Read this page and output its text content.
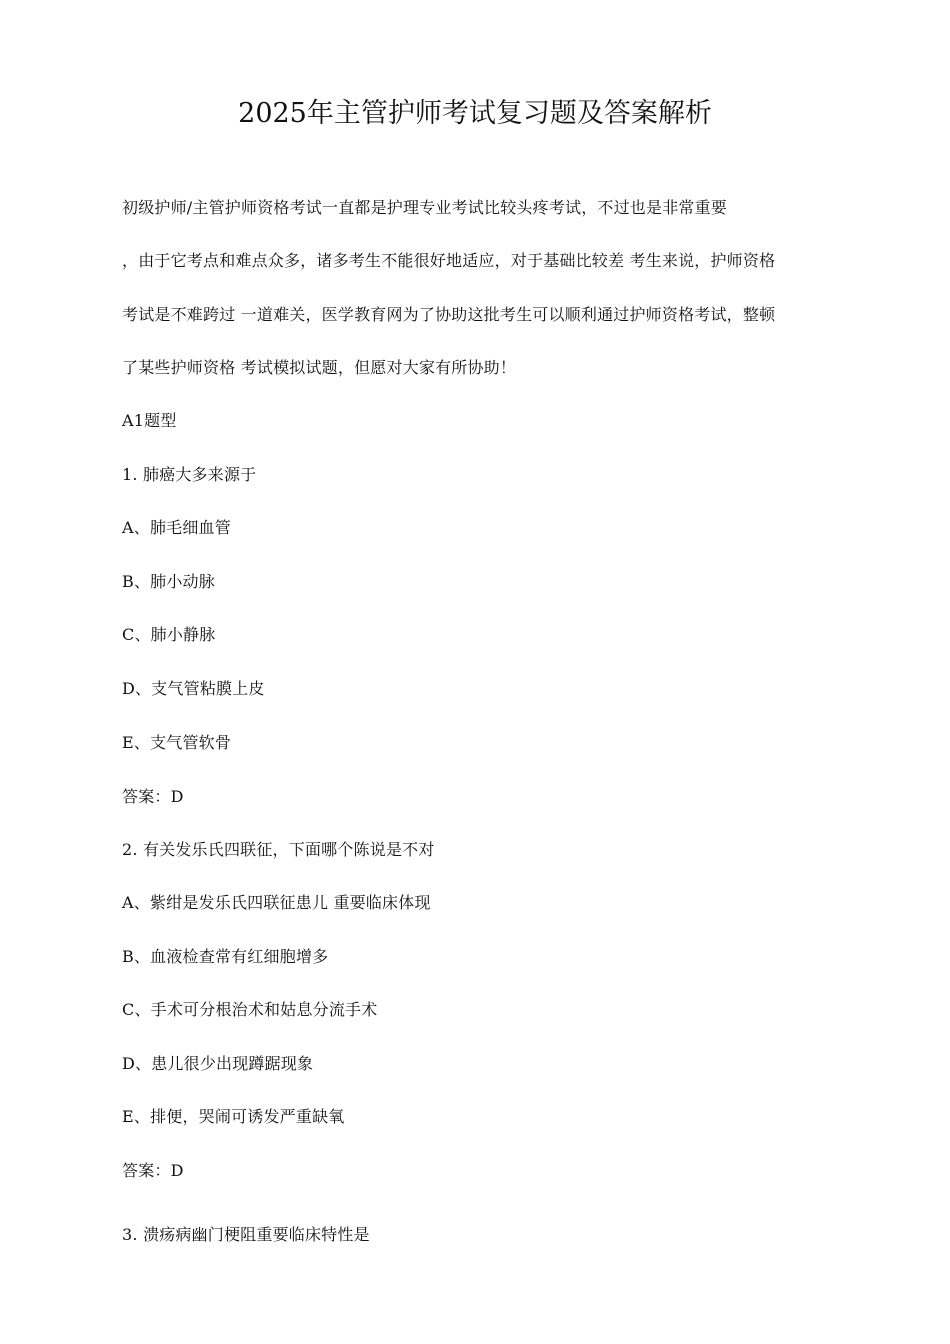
2025年主管护师考试复习题及答案解析
初级护师/主管护师资格考试一直都是护理专业考试比较头疼考试，不过也是非常重要
，由于它考点和难点众多，诸多考生不能很好地适应，对于基础比较差 考生来说，护师资格
考试是不难跨过 一道难关，医学教育网为了协助这批考生可以顺利通过护师资格考试，整顿
了某些护师资格 考试模拟试题，但愿对大家有所协助！
A1题型
1. 肺癌大多来源于
A、肺毛细血管
B、肺小动脉
C、肺小静脉
D、支气管粘膜上皮
E、支气管软骨
答案：D
2. 有关发乐氏四联征，下面哪个陈说是不对
A、紫绀是发乐氏四联征患儿 重要临床体现
B、血液检查常有红细胞增多
C、手术可分根治术和姑息分流手术
D、患儿很少出现蹲踞现象
E、排便，哭闹可诱发严重缺氧
答案：D
3. 溃疡病幽门梗阻重要临床特性是
